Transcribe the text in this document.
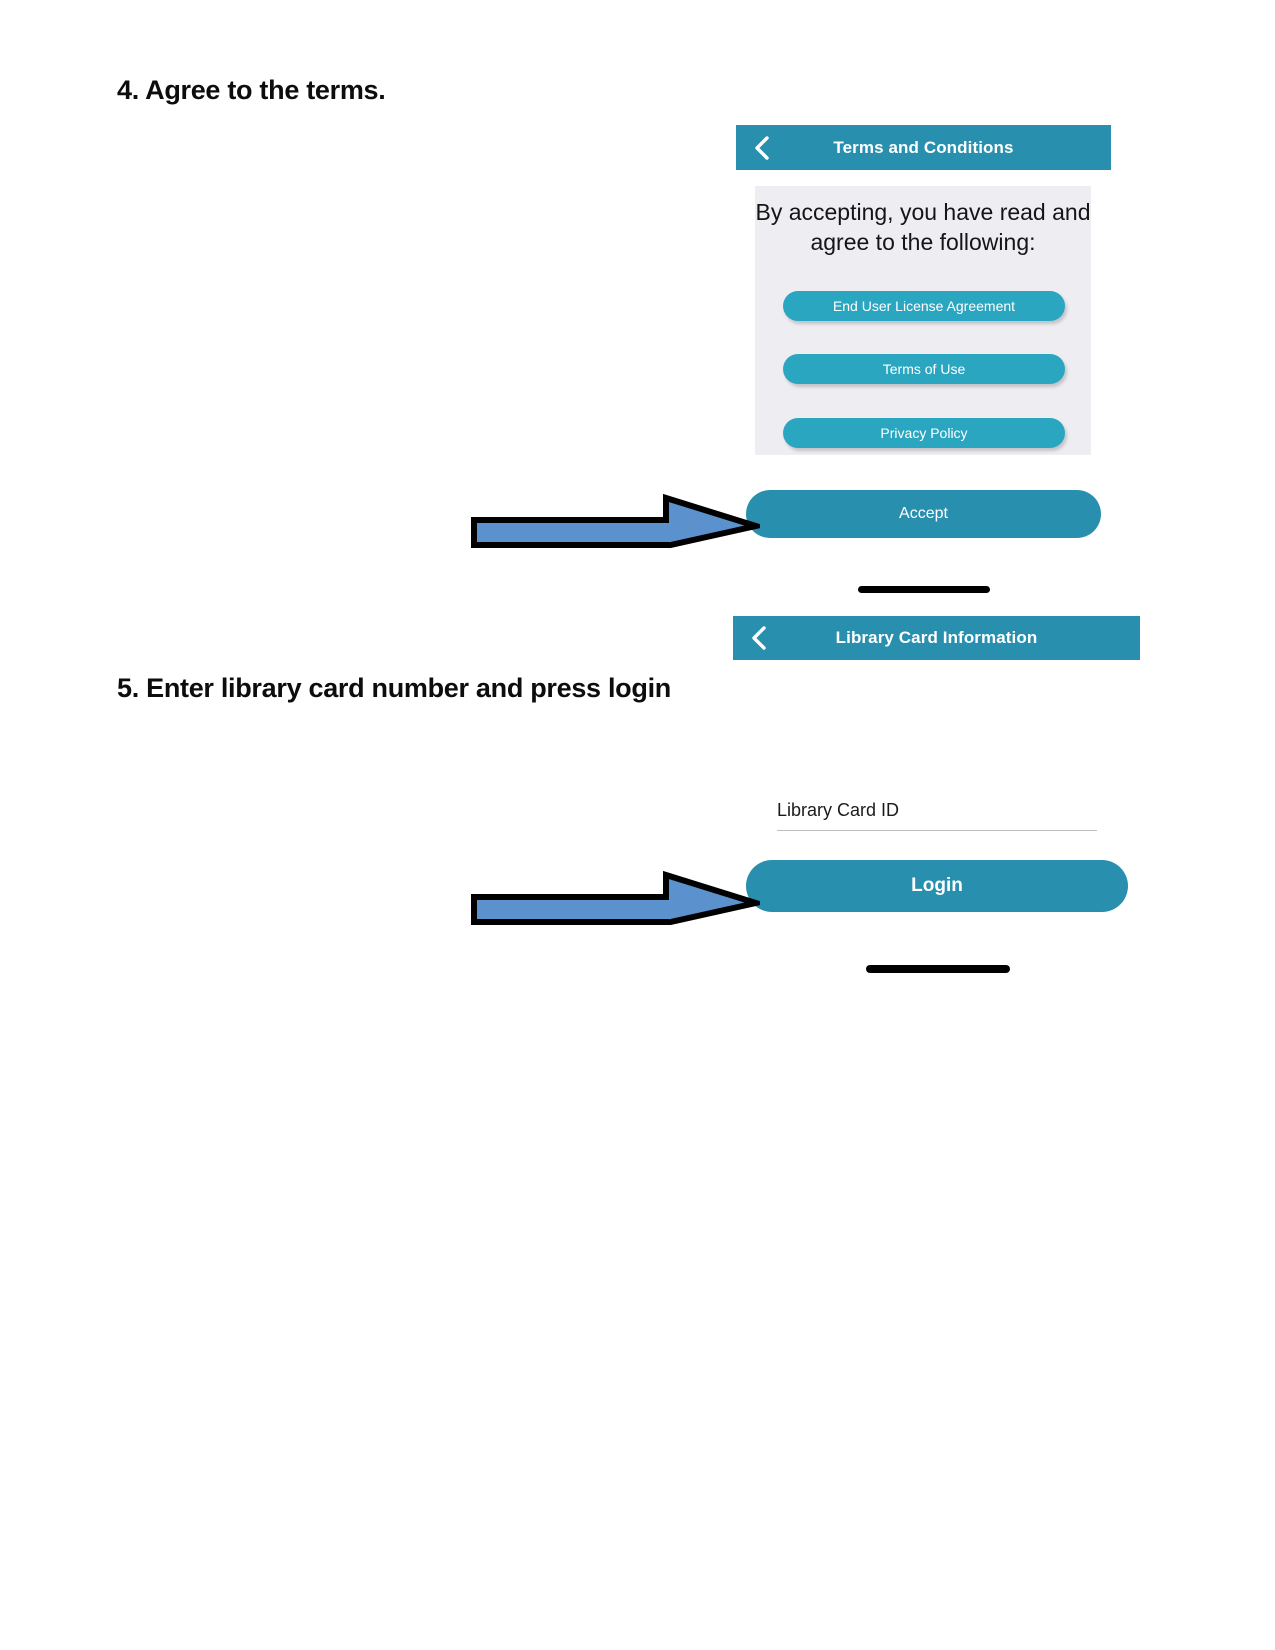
4. Agree to the terms.
Terms and Conditions
By accepting, you have read and agree to the following:
End User License Agreement
Terms of Use
Privacy Policy
Accept
Library Card Information
5. Enter library card number and press login
Library Card ID
Login
